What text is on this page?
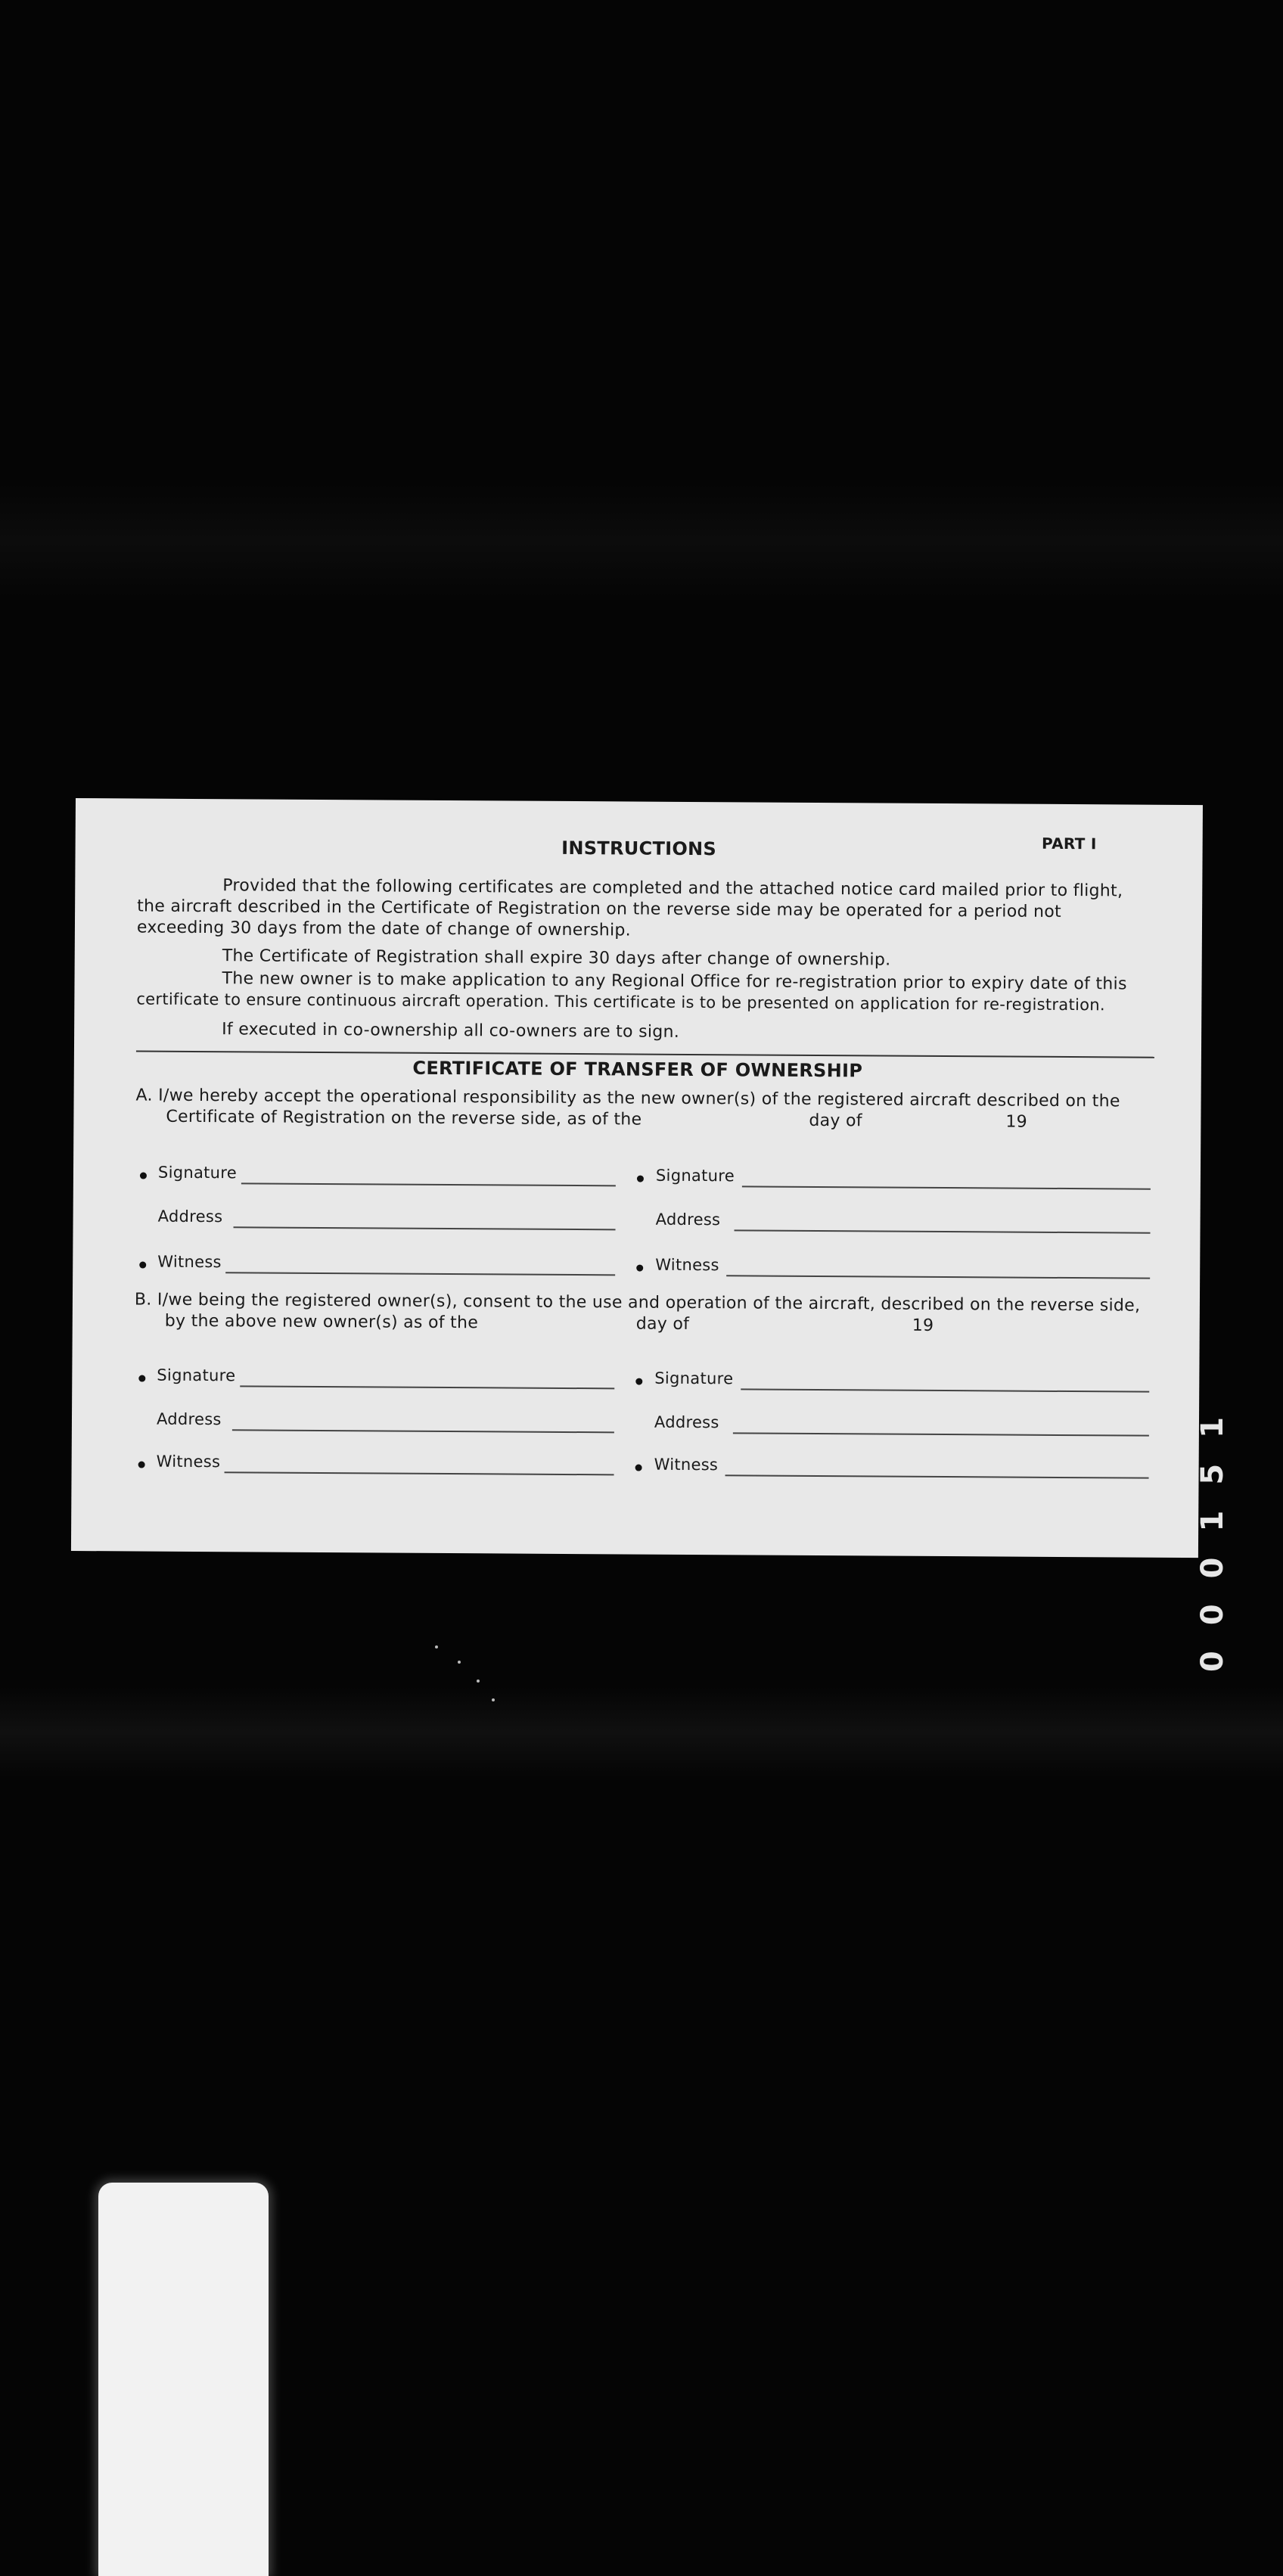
PART I
INSTRUCTIONS
Provided that the following certificates are completed and the attached notice card mailed prior to flight,
the aircraft described in the Certificate of Registration on the reverse side may be operated for a period not
exceeding 30 days from the date of change of ownership.
The Certificate of Registration shall expire 30 days after change of ownership.
The new owner is to make application to any Regional Office for re-registration prior to expiry date of this
certificate to ensure continuous aircraft operation. This certificate is to be presented on application for re-registration.
If executed in co-ownership all co-owners are to sign.
CERTIFICATE OF TRANSFER OF OWNERSHIP
A. I/we hereby accept the operational responsibility as the new owner(s) of the registered aircraft described on the
Certificate of Registration on the reverse side, as of the	day of	19
Signature	Signature
Address	Address
Witness	Witness
B. I/we being the registered owner(s), consent to the use and operation of the aircraft, described on the reverse side,
by the above new owner(s) as of the	day of	19
Signature	Signature
Address	Address
Witness	Witness	000151
